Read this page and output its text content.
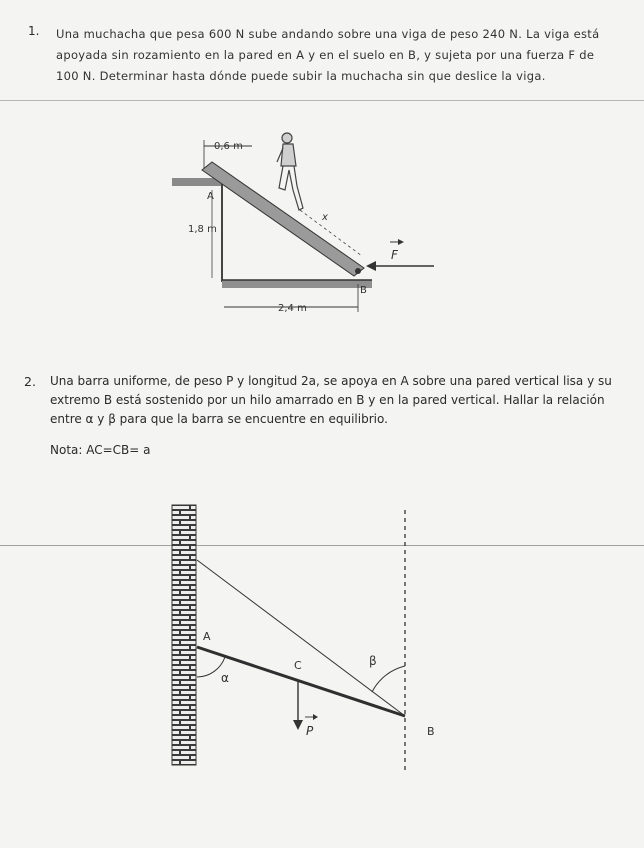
1. Una muchacha que pesa 600 N sube andando sobre una viga de peso 240 N. La viga está apoyada sin rozamiento en la pared en A y en el suelo en B, y sujeta por una fuerza F de 100 N. Determinar hasta dónde puede subir la muchacha sin que deslice la viga.
0,6 m
A
1,8 m
x
F
B
2,4 m
2. Una barra uniforme, de peso P y longitud 2a, se apoya en A sobre una pared vertical lisa y su extremo B está sostenido por un hilo amarrado en B y en la pared vertical. Hallar la relación entre α y β para que la barra se encuentre en equilibrio.
Nota: AC=CB= a
A
C	β
α
P	B
